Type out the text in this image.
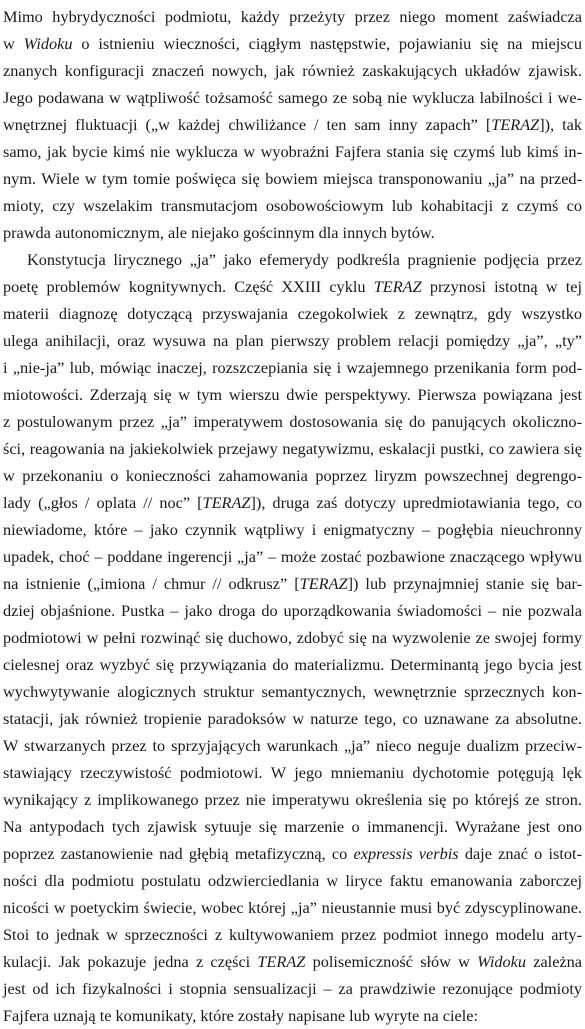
Mimo hybrydyczności podmiotu, każdy przeżyty przez niego moment zaświadcza
w Widoku o istnieniu wieczności, ciągłym następstwie, pojawianiu się na miejscu
znanych konfiguracji znaczeń nowych, jak również zaskakujących układów zjawisk.
Jego podawana w wątpliwość tożsamość samego ze sobą nie wyklucza labilności i we-
wnętrznej fluktuacji („w każdej chwiliżance / ten sam inny zapach” [TERAZ]), tak
samo, jak bycie kimś nie wyklucza w wyobraźni Fajfera stania się czymś lub kimś in-
nym. Wiele w tym tomie poświęca się bowiem miejsca transponowaniu „ja” na przed-
mioty, czy wszelakim transmutacjom osobowościowym lub kohabitacji z czymś co
prawda autonomicznym, ale niejako gościnnym dla innych bytów.
Konstytucja lirycznego „ja” jako efemerydy podkreśla pragnienie podjęcia przez
poetę problemów kognitywnych. Część XXIII cyklu TERAZ przynosi istotną w tej
materii diagnozę dotyczącą przyswajania czegokolwiek z zewnątrz, gdy wszystko
ulega anihilacji, oraz wysuwa na plan pierwszy problem relacji pomiędzy „ja”, „ty”
i „nie-ja” lub, mówiąc inaczej, rozszczepiania się i wzajemnego przenikania form pod-
miotowości. Zderzają się w tym wierszu dwie perspektywy. Pierwsza powiązana jest
z postulowanym przez „ja” imperatywem dostosowania się do panujących okoliczno-
ści, reagowania na jakiekolwiek przejawy negatywizmu, eskalacji pustki, co zawiera się
w przekonaniu o konieczności zahamowania poprzez liryzm powszechnej degrengo-
lady („głos / oplata // noc” [TERAZ]), druga zaś dotyczy upredmiotawiania tego, co
niewiadome, które – jako czynnik wątpliwy i enigmatyczny – pogłębia nieuchronny
upadek, choć – poddane ingerencji „ja” – może zostać pozbawione znaczącego wpływu
na istnienie („imiona / chmur // odkrusz” [TERAZ]) lub przynajmniej stanie się bar-
dziej objaśnione. Pustka – jako droga do uporządkowania świadomości – nie pozwala
podmiotowi w pełni rozwinąć się duchowo, zdobyć się na wyzwolenie ze swojej formy
cielesnej oraz wyzbyć się przywiązania do materializmu. Determinantą jego bycia jest
wychwytywanie alogicznych struktur semantycznych, wewnętrznie sprzecznych kon-
statacji, jak również tropienie paradoksów w naturze tego, co uznawane za absolutne.
W stwarzanych przez to sprzyjających warunkach „ja” nieco neguje dualizm przeciw-
stawiający rzeczywistość podmiotowi. W jego mniemaniu dychotomie potęgują lęk
wynikający z implikowanego przez nie imperatywu określenia się po którejś ze stron.
Na antypodach tych zjawisk sytuuje się marzenie o immanencji. Wyrażane jest ono
poprzez zastanowienie nad głębią metafizyczną, co expressis verbis daje znać o istot-
ności dla podmiotu postulatu odzwierciedlania w liryce faktu emanowania zaborczej
nicości w poetyckim świecie, wobec której „ja” nieustannie musi być zdyscyplinowane.
Stoi to jednak w sprzeczności z kultywowaniem przez podmiot innego modelu arty-
kulacji. Jak pokazuje jedna z części TERAZ polisemiczność słów w Widoku zależna
jest od ich fizykalności i stopnia sensualizacji – za prawdziwie rezonujące podmioty
Fajfera uznają te komunikaty, które zostały napisane lub wyryte na ciele:
